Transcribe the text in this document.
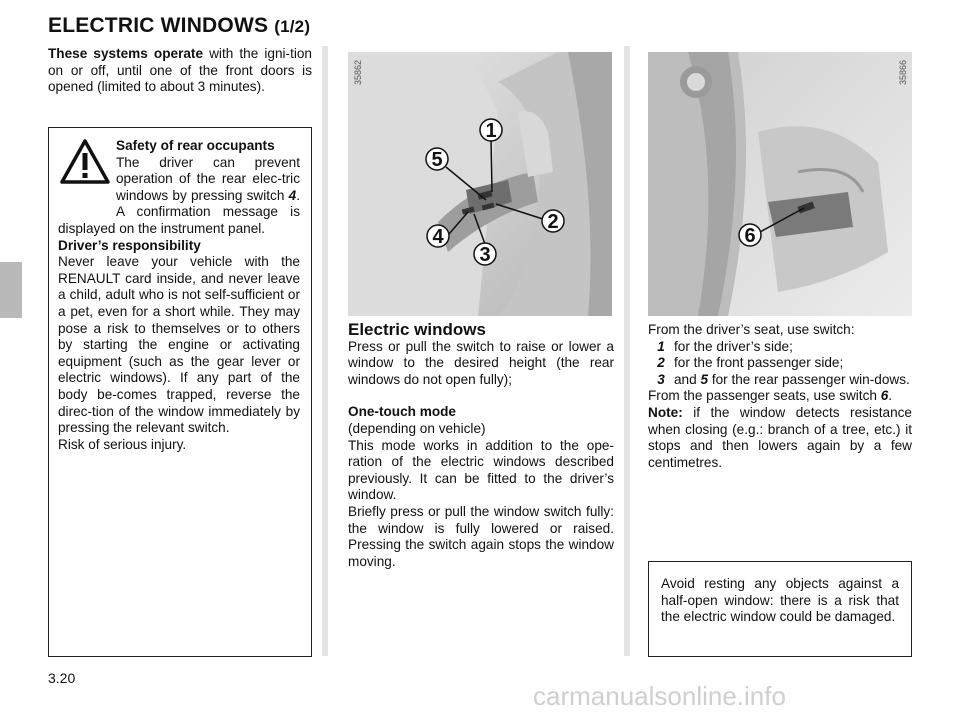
ELECTRIC WINDOWS (1/2)
These systems operate with the igni-tion on or off, until one of the front doors is opened (limited to about 3 minutes).
Safety of rear occupants
The driver can prevent operation of the rear elec-tric windows by pressing switch 4. A confirmation message is displayed on the instrument panel.
Driver’s responsibility
Never leave your vehicle with the RENAULT card inside, and never leave a child, adult who is not self-sufficient or a pet, even for a short while. They may pose a risk to themselves or to others by starting the engine or activating equipment (such as the gear lever or electric windows). If any part of the body be-comes trapped, reverse the direc-tion of the window immediately by pressing the relevant switch.
Risk of serious injury.
1
5
2
4
3
35862
6
35866
Electric windows
Press or pull the switch to raise or lower a window to the desired height (the rear windows do not open fully);
One-touch mode
(depending on vehicle)
This mode works in addition to the ope-ration of the electric windows described previously. It can be fitted to the driver’s window.
Briefly press or pull the window switch fully: the window is fully lowered or raised. Pressing the switch again stops the window moving.
From the driver’s seat, use switch:
1 for the driver’s side;
2 for the front passenger side;
3 and 5 for the rear passenger win-dows.
From the passenger seats, use switch 6.
Note: if the window detects resistance when closing (e.g.: branch of a tree, etc.) it stops and then lowers again by a few centimetres.
Avoid resting any objects against a half-open window: there is a risk that the electric window could be damaged.
3.20
carmanualsonline.info
